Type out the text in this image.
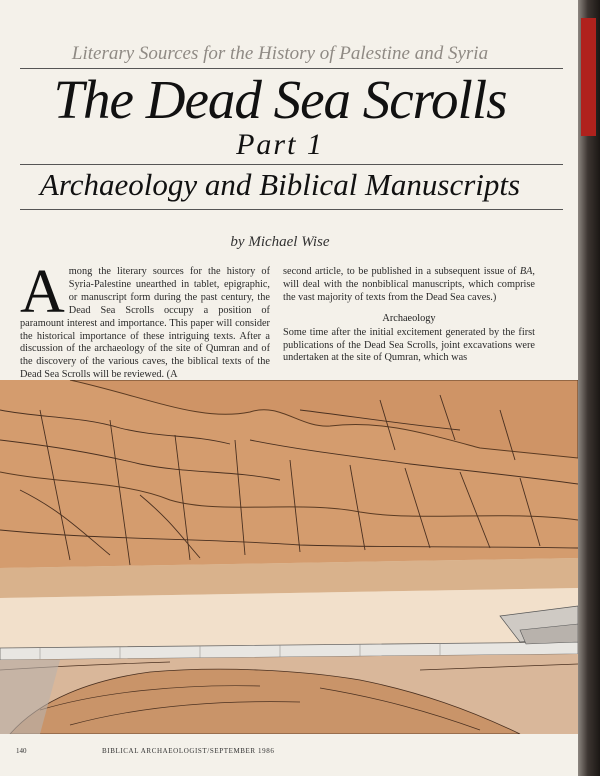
Literary Sources for the History of Palestine and Syria
The Dead Sea Scrolls
Part 1
Archaeology and Biblical Manuscripts
by Michael Wise
Among the literary sources for the history of Syria-Palestine unearthed in tablet, epigraphic, or manuscript form during the past century, the Dead Sea Scrolls occupy a position of paramount interest and importance. This paper will consider the historical importance of these intriguing texts. After a discussion of the archaeology of the site of Qumran and of the discovery of the various caves, the biblical texts of the Dead Sea Scrolls will be reviewed. (A
second article, to be published in a subsequent issue of BA, will deal with the nonbiblical manuscripts, which comprise the vast majority of texts from the Dead Sea caves.)
Archaeology
Some time after the initial excitement generated by the first publications of the Dead Sea Scrolls, joint excavations were undertaken at the site of Qumran, which was
140	BIBLICAL ARCHAEOLOGIST/SEPTEMBER 1986
